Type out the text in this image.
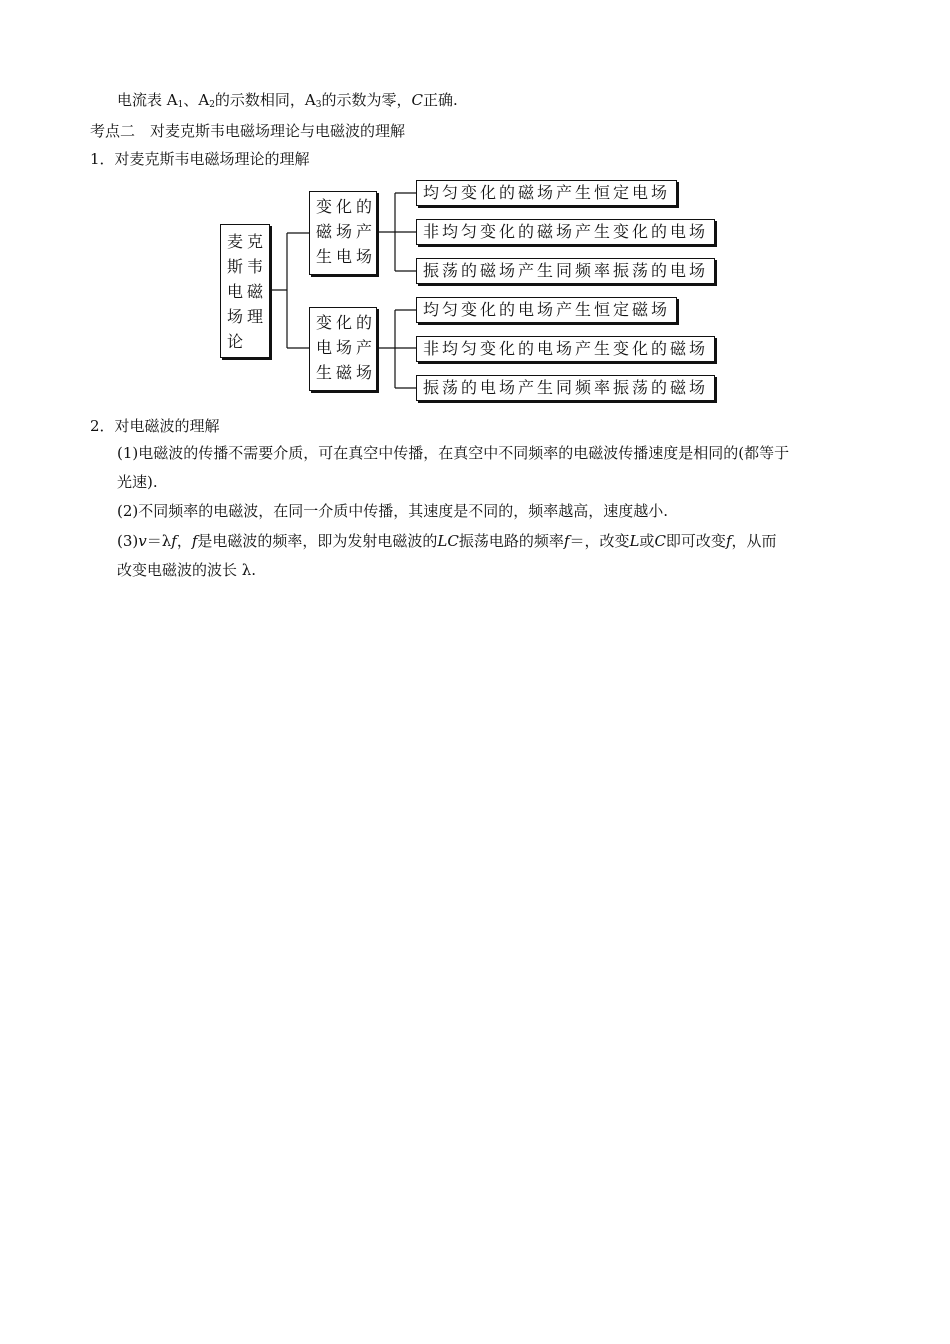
电流表 $A_1$、$A_2$的示数相同，$A_3$的示数为零，C正确.
考点二　对麦克斯韦电磁场理论与电磁波的理解
1．对麦克斯韦电磁场理论的理解
麦克斯韦电磁场理论
变化的磁场产生电场
变化的电场产生磁场
均匀变化的磁场产生恒定电场
非均匀变化的磁场产生变化的电场
振荡的磁场产生同频率振荡的电场
均匀变化的电场产生恒定磁场
非均匀变化的电场产生变化的磁场
振荡的电场产生同频率振荡的磁场
2．对电磁波的理解
(1)电磁波的传播不需要介质，可在真空中传播，在真空中不同频率的电磁波传播速度是相同的(都等于
光速).
(2)不同频率的电磁波，在同一介质中传播，其速度是不同的，频率越高，速度越小.
(3)v＝λf，f是电磁波的频率，即为发射电磁波的LC振荡电路的频率f＝，改变L或C即可改变f，从而
改变电磁波的波长 λ.
